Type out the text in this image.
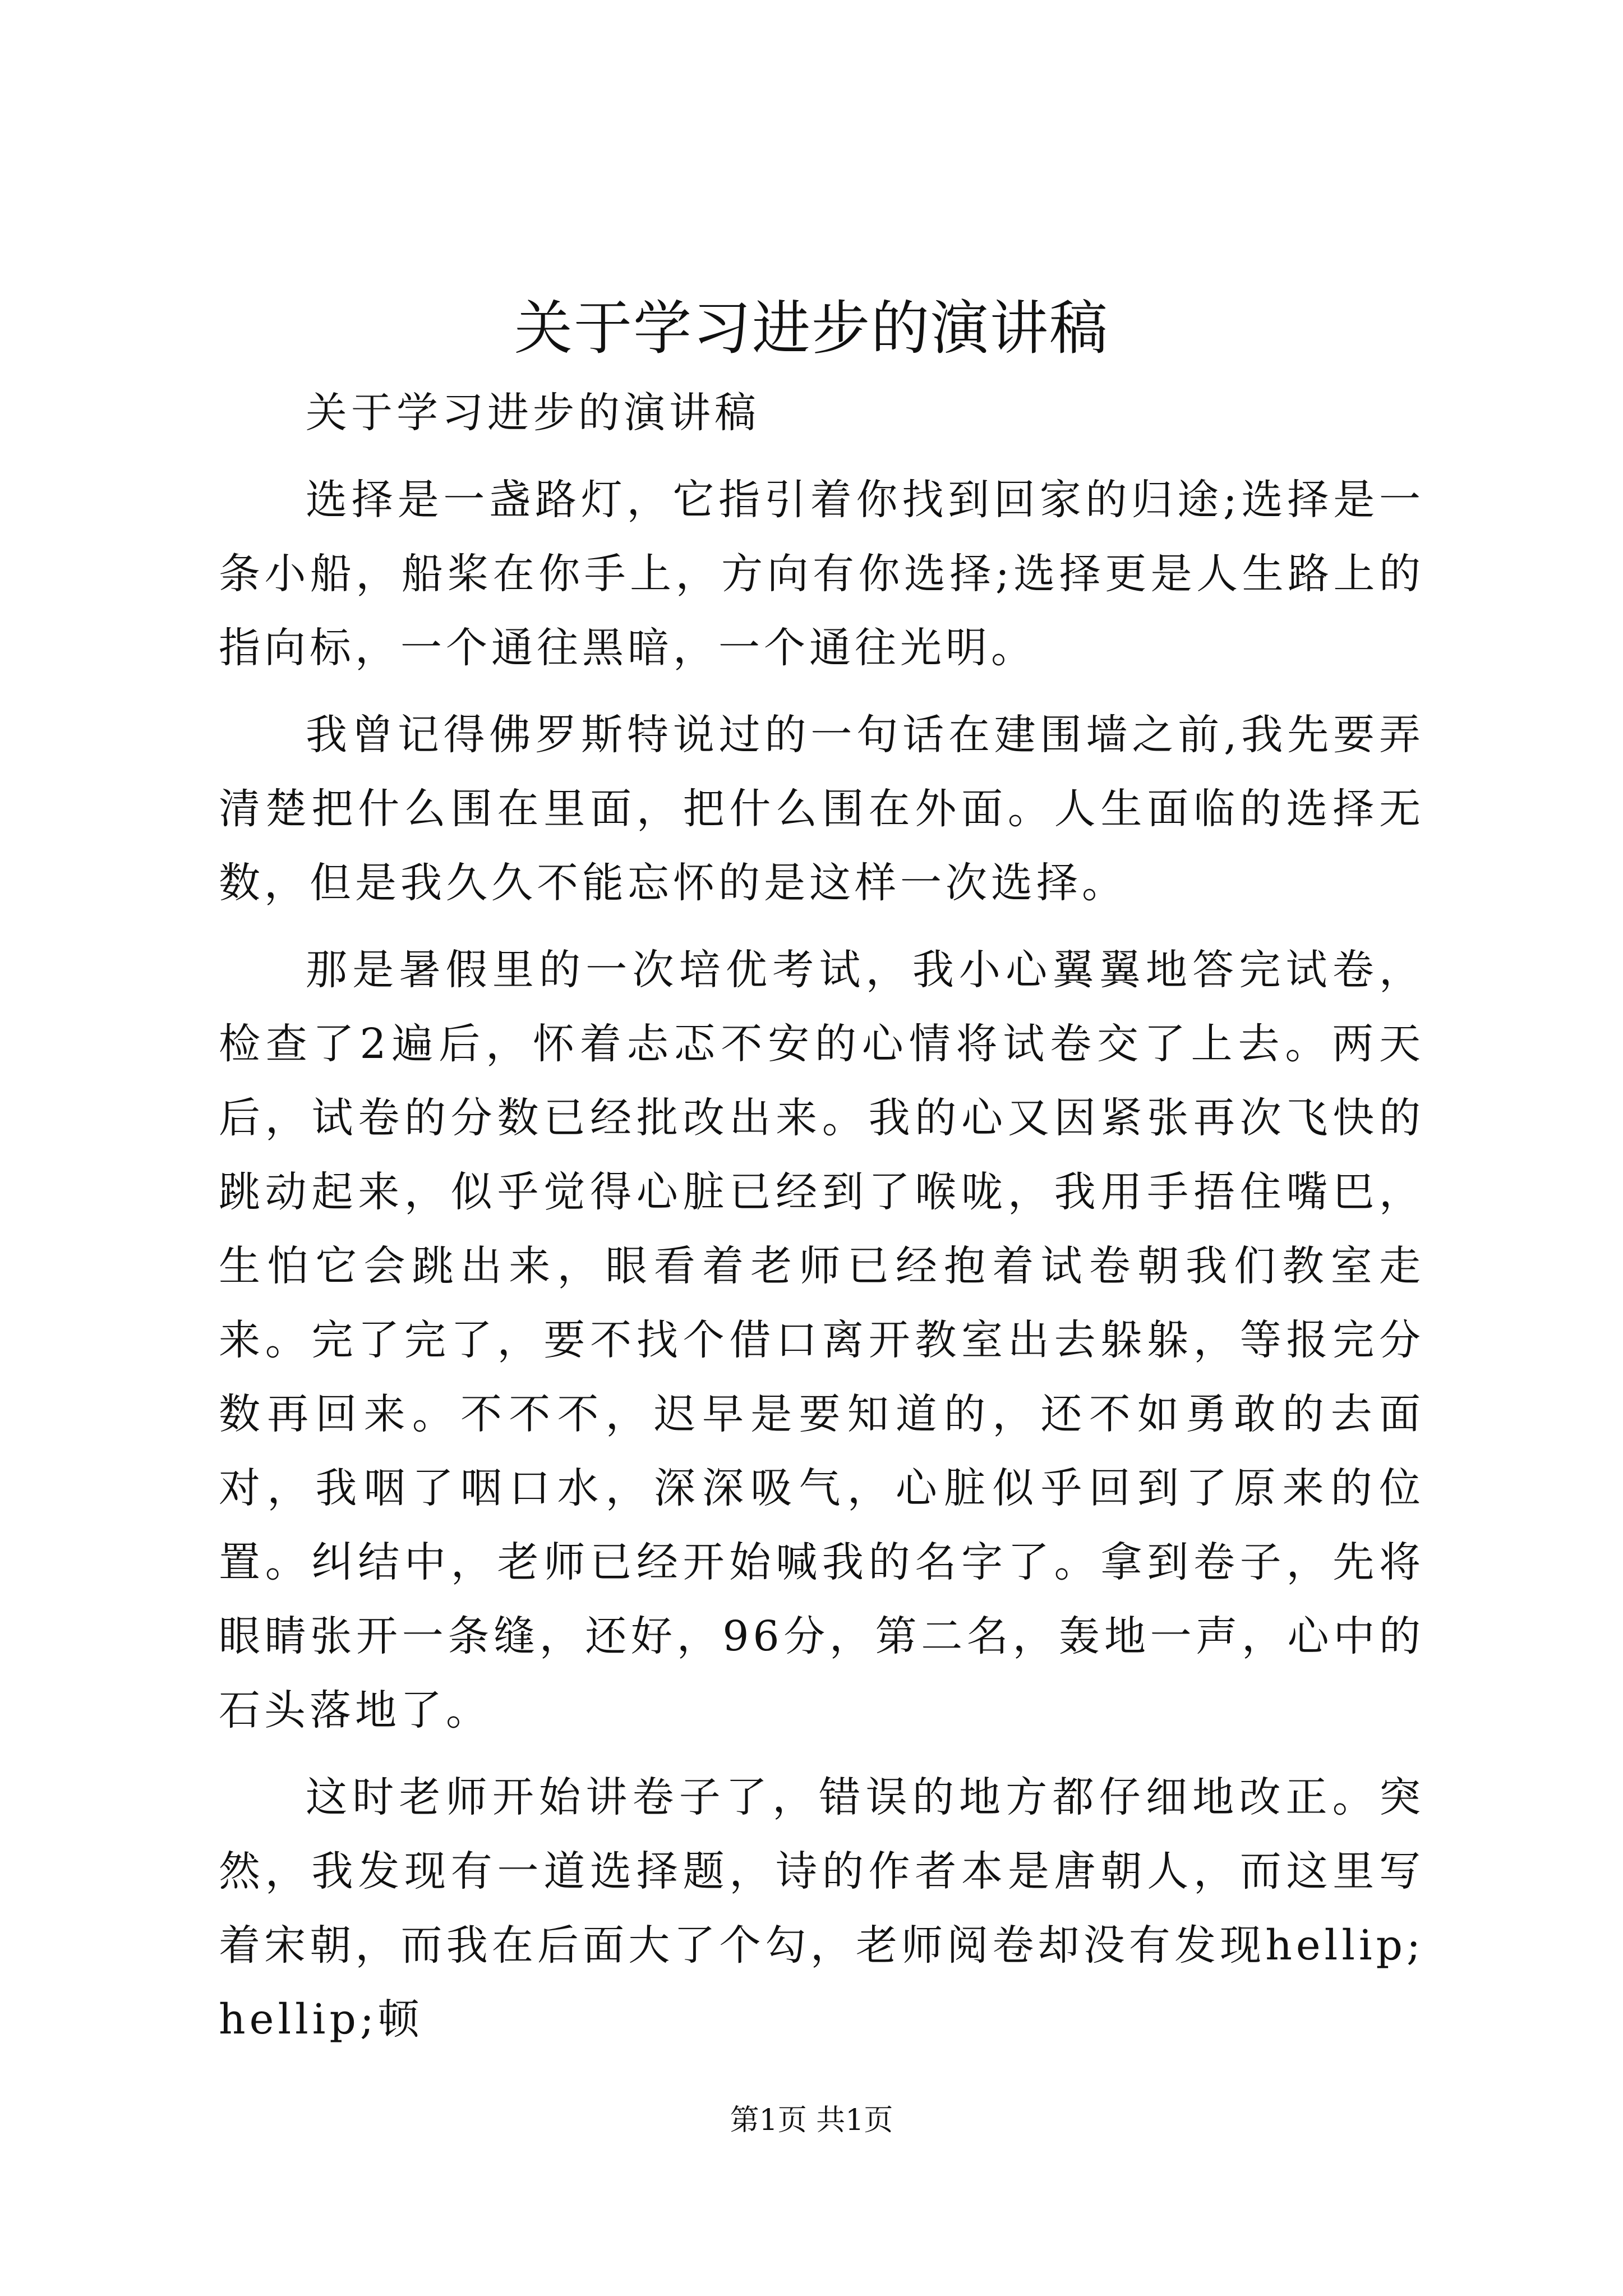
关于学习进步的演讲稿

关于学习进步的演讲稿

选择是一盏路灯，它指引着你找到回家的归途;选择是一条小船，船桨在你手上，方向有你选择;选择更是人生路上的指向标，一个通往黑暗，一个通往光明。

我曾记得佛罗斯特说过的一句话在建围墙之前,我先要弄清楚把什么围在里面，把什么围在外面。人生面临的选择无数，但是我久久不能忘怀的是这样一次选择。

那是暑假里的一次培优考试，我小心翼翼地答完试卷，检查了2遍后，怀着忐忑不安的心情将试卷交了上去。两天后，试卷的分数已经批改出来。我的心又因紧张再次飞快的跳动起来，似乎觉得心脏已经到了喉咙，我用手捂住嘴巴，生怕它会跳出来，眼看着老师已经抱着试卷朝我们教室走来。完了完了，要不找个借口离开教室出去躲躲，等报完分数再回来。不不不，迟早是要知道的，还不如勇敢的去面对，我咽了咽口水，深深吸气，心脏似乎回到了原来的位置。纠结中，老师已经开始喊我的名字了。拿到卷子，先将眼睛张开一条缝，还好，96分，第二名，轰地一声，心中的石头落地了。

这时老师开始讲卷子了，错误的地方都仔细地改正。突然，我发现有一道选择题，诗的作者本是唐朝人，而这里写着宋朝，而我在后面大了个勾，老师阅卷却没有发现hellip;hellip;顿

第1页 共1页
